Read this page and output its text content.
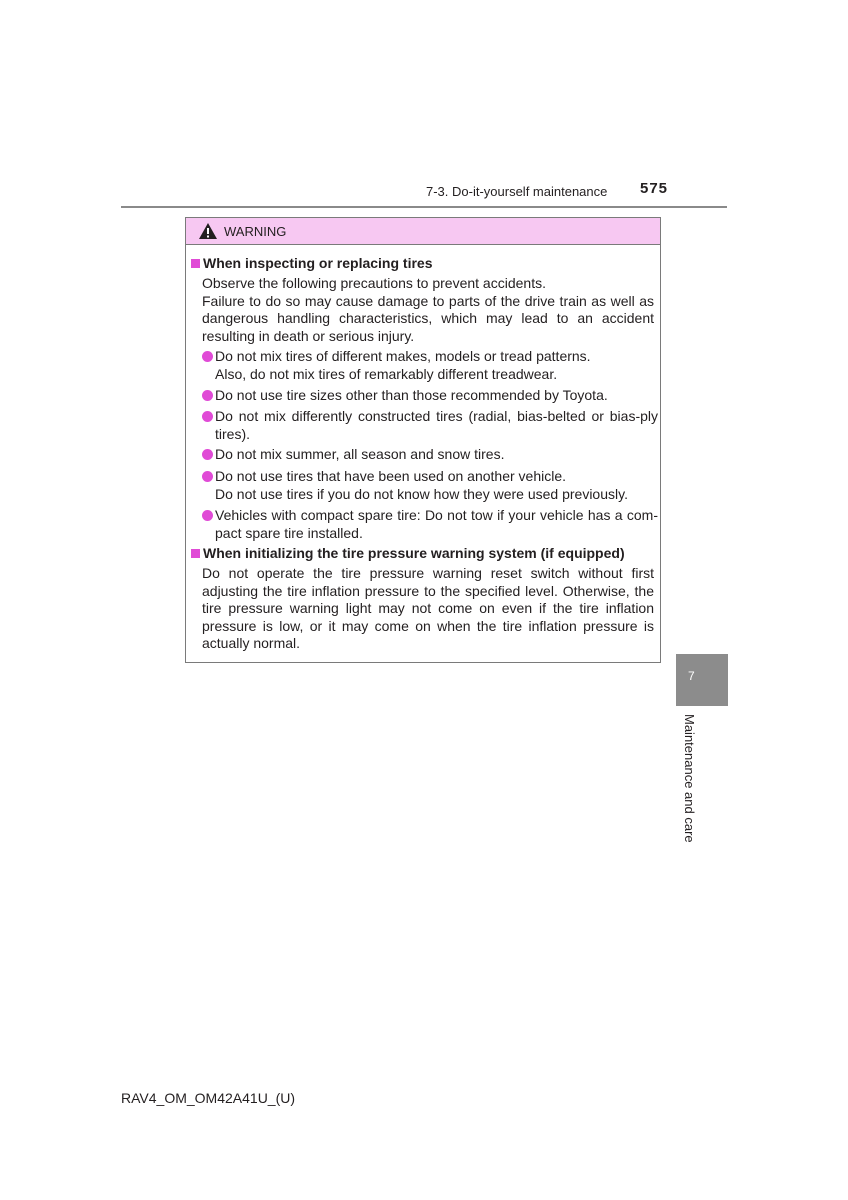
7-3. Do-it-yourself maintenance 575
WARNING
When inspecting or replacing tires
Observe the following precautions to prevent accidents.
Failure to do so may cause damage to parts of the drive train as well as
dangerous handling characteristics, which may lead to an accident
resulting in death or serious injury.
Do not mix tires of different makes, models or tread patterns.
Also, do not mix tires of remarkably different treadwear.
Do not use tire sizes other than those recommended by Toyota.
Do not mix differently constructed tires (radial, bias-belted or bias-ply
tires).
Do not mix summer, all season and snow tires.
Do not use tires that have been used on another vehicle.
Do not use tires if you do not know how they were used previously.
Vehicles with compact spare tire: Do not tow if your vehicle has a com-
pact spare tire installed.
When initializing the tire pressure warning system (if equipped)
Do not operate the tire pressure warning reset switch without first
adjusting the tire inflation pressure to the specified level. Otherwise, the
tire pressure warning light may not come on even if the tire inflation
pressure is low, or it may come on when the tire inflation pressure is
actually normal.
7
Maintenance and care
RAV4_OM_OM42A41U_(U)
